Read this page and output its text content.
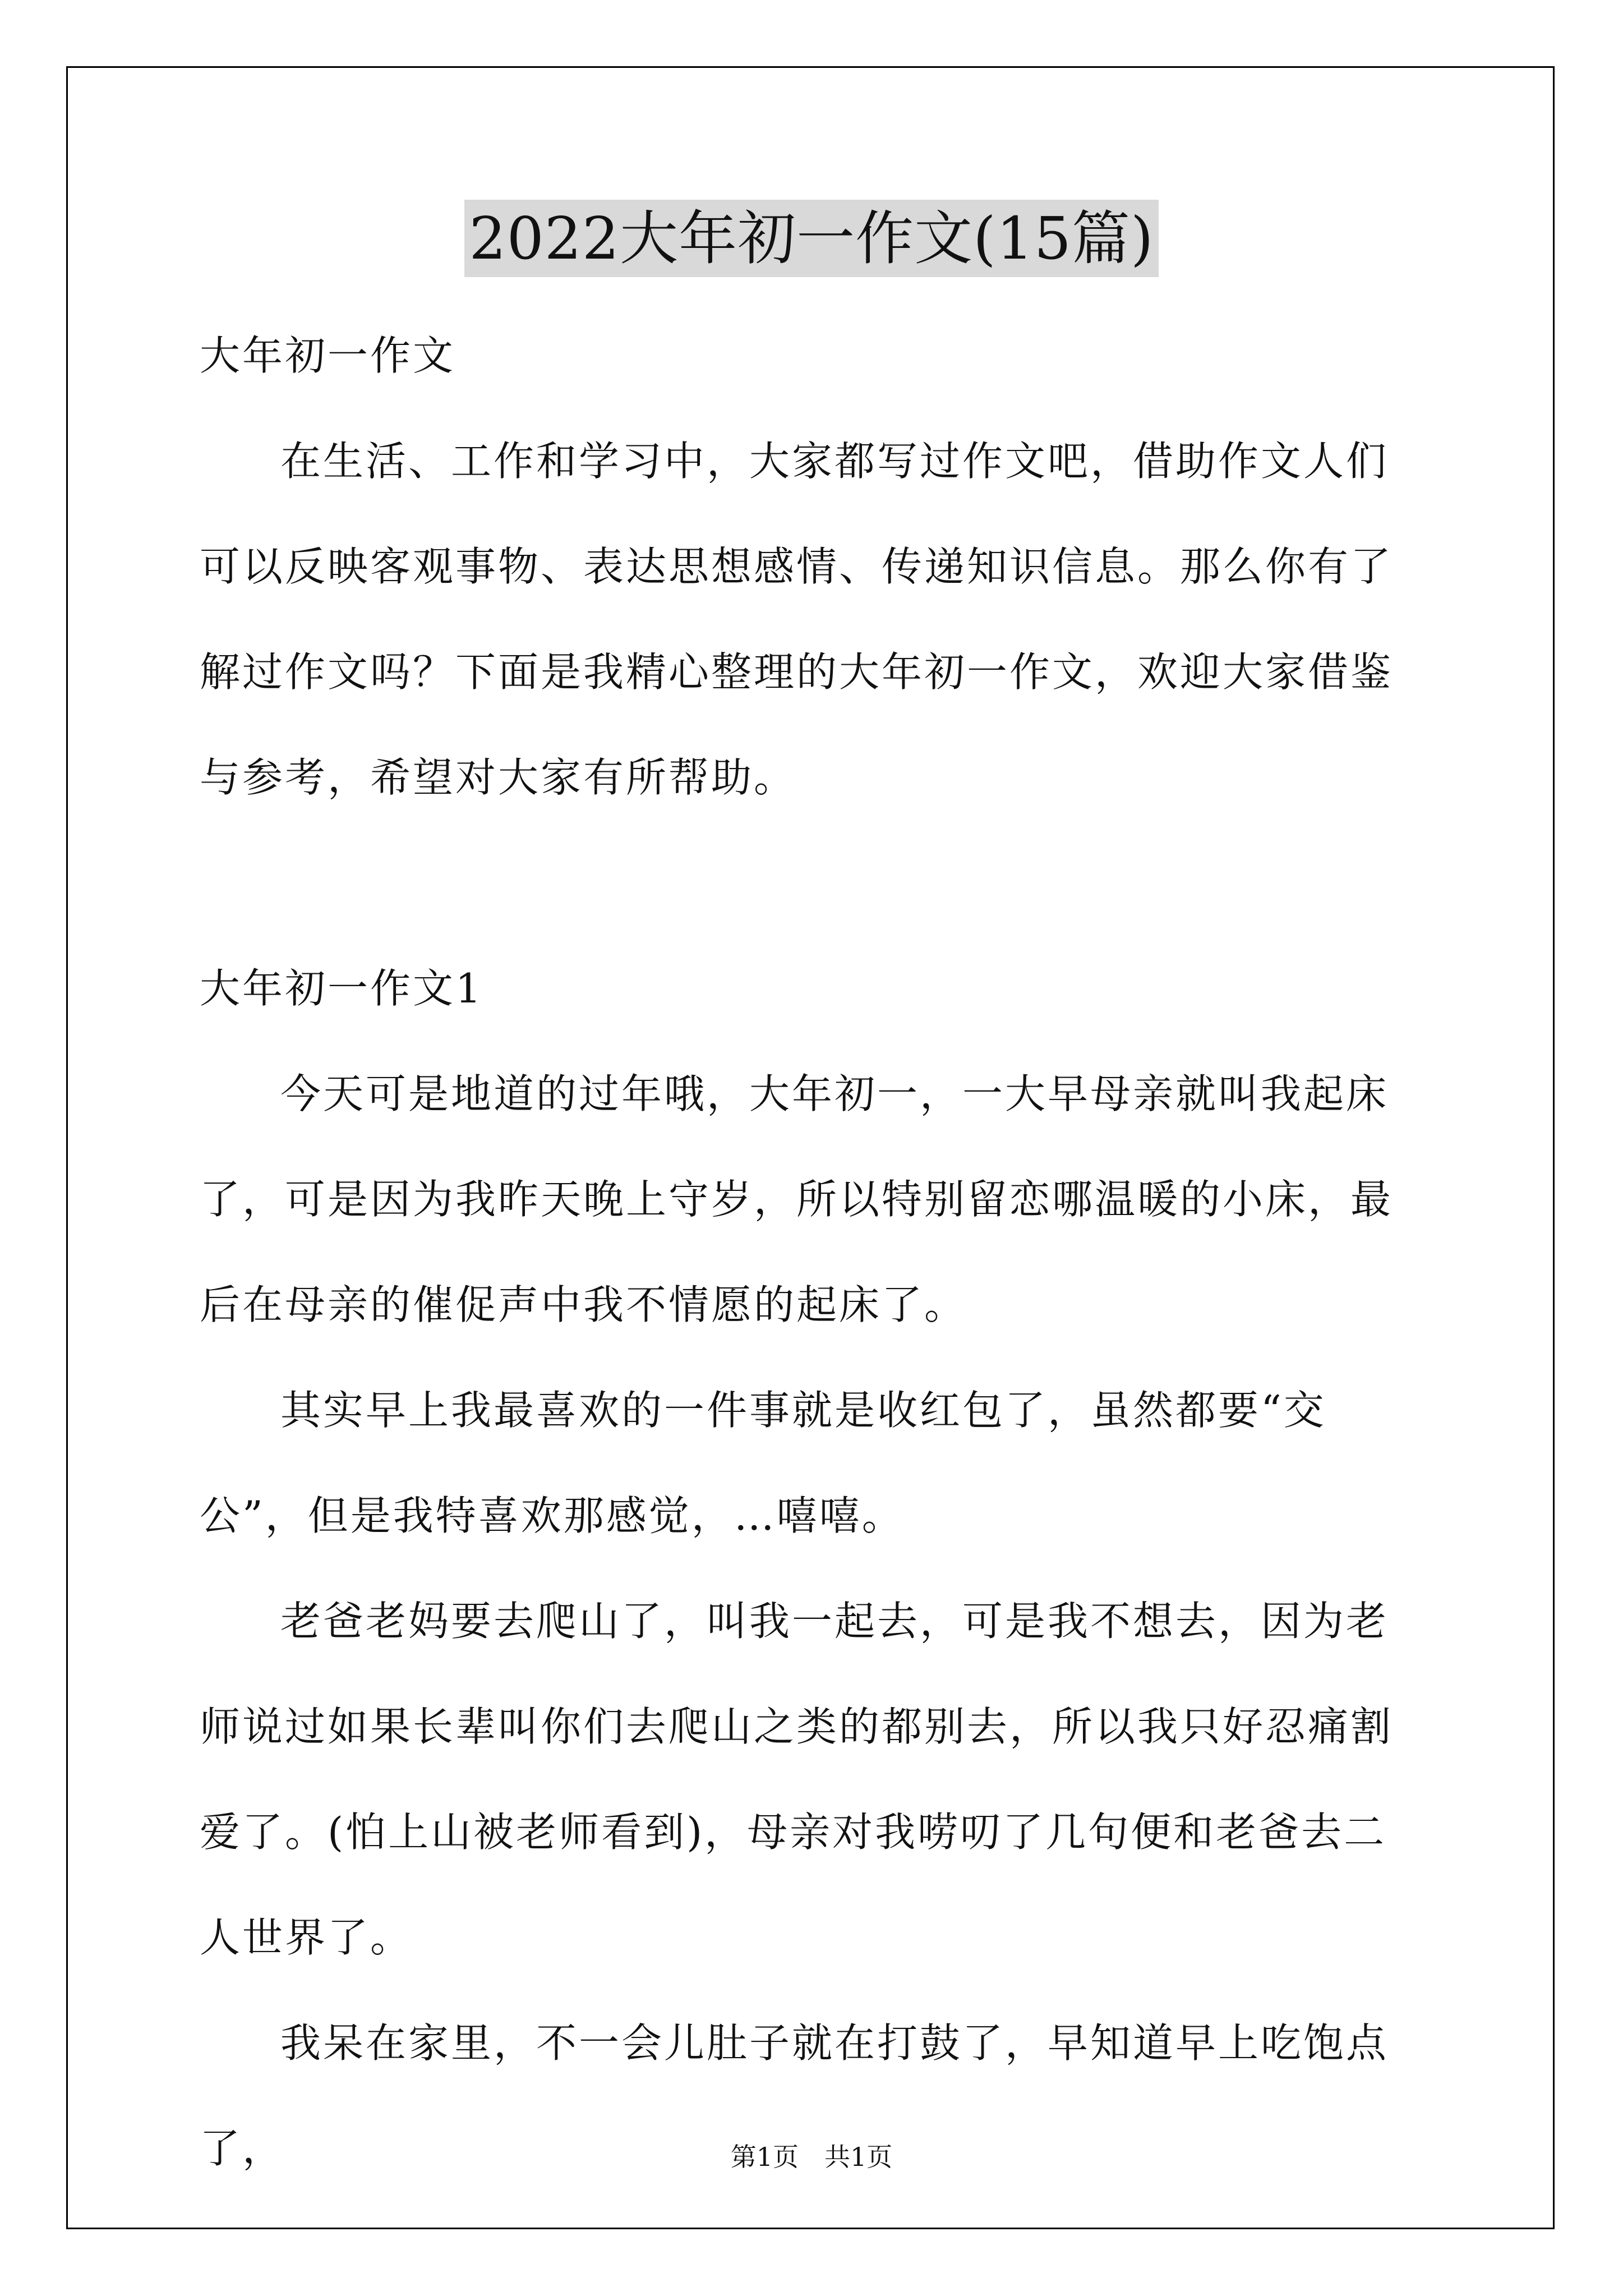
2022大年初一作文(15篇)

大年初一作文

在生活、工作和学习中，大家都写过作文吧，借助作文人们可以反映客观事物、表达思想感情、传递知识信息。那么你有了解过作文吗？下面是我精心整理的大年初一作文，欢迎大家借鉴与参考，希望对大家有所帮助。

大年初一作文1

今天可是地道的过年哦，大年初一，一大早母亲就叫我起床了，可是因为我昨天晚上守岁，所以特别留恋哪温暖的小床，最后在母亲的催促声中我不情愿的起床了。

其实早上我最喜欢的一件事就是收红包了，虽然都要“交公”，但是我特喜欢那感觉，…嘻嘻。

老爸老妈要去爬山了，叫我一起去，可是我不想去，因为老师说过如果长辈叫你们去爬山之类的都别去，所以我只好忍痛割爱了。(怕上山被老师看到)，母亲对我唠叨了几句便和老爸去二人世界了。

我呆在家里，不一会儿肚子就在打鼓了，早知道早上吃饱点了，	第1页　共1页
